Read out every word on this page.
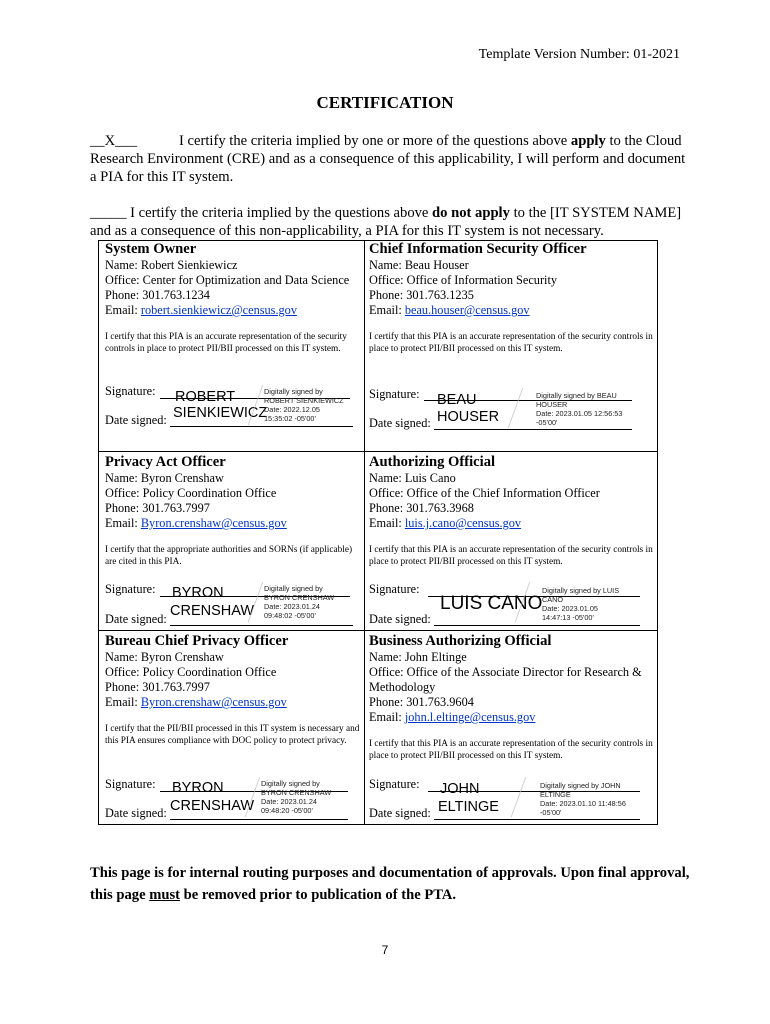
Template Version Number: 01-2021
CERTIFICATION
__X___	I certify the criteria implied by one or more of the questions above apply to the Cloud Research Environment (CRE) and as a consequence of this applicability, I will perform and document a PIA for this IT system.
_____ I certify the criteria implied by the questions above do not apply to the [IT SYSTEM NAME] and as a consequence of this non-applicability, a PIA for this IT system is not necessary.
System Owner
Name: Robert Sienkiewicz
Office: Center for Optimization and Data Science
Phone: 301.763.1234
Email: robert.sienkiewicz@census.gov
I certify that this PIA is an accurate representation of the security controls in place to protect PII/BII processed on this IT system.
Signature:
Date signed:
ROBERT
SIENKIEWICZ
Digitally signed by
ROBERT SIENKIEWICZ
Date: 2022.12.05
15:35:02 -05'00'
Chief Information Security Officer
Name: Beau Houser
Office: Office of Information Security
Phone: 301.763.1235
Email: beau.houser@census.gov
I certify that this PIA is an accurate representation of the security controls in place to protect PII/BII processed on this IT system.
Signature:
Date signed:
BEAU
HOUSER
Digitally signed by BEAU
HOUSER
Date: 2023.01.05 12:56:53
-05'00'
Privacy Act Officer
Name: Byron Crenshaw
Office: Policy Coordination Office
Phone: 301.763.7997
Email: Byron.crenshaw@census.gov
I certify that the appropriate authorities and SORNs (if applicable) are cited in this PIA.
Signature:
Date signed:
BYRON
CRENSHAW
Digitally signed by
BYRON CRENSHAW
Date: 2023.01.24
09:48:02 -05'00'
Authorizing Official
Name: Luis Cano
Office: Office of the Chief Information Officer
Phone: 301.763.3968
Email: luis.j.cano@census.gov
I certify that this PIA is an accurate representation of the security controls in place to protect PII/BII processed on this IT system.
Signature:
Date signed:
LUIS CANO
Digitally signed by LUIS
CANO
Date: 2023.01.05
14:47:13 -05'00'
Bureau Chief Privacy Officer
Name: Byron Crenshaw
Office: Policy Coordination Office
Phone: 301.763.7997
Email: Byron.crenshaw@census.gov
I certify that the PII/BII processed in this IT system is necessary and this PIA ensures compliance with DOC policy to protect privacy.
Signature:
Date signed:
BYRON
CRENSHAW
Digitally signed by
BYRON CRENSHAW
Date: 2023.01.24
09:48:20 -05'00'
Business Authorizing Official
Name: John Eltinge
Office: Office of the Associate Director for Research & Methodology
Phone: 301.763.9604
Email: john.l.eltinge@census.gov
I certify that this PIA is an accurate representation of the security controls in place to protect PII/BII processed on this IT system.
Signature:
Date signed:
JOHN
ELTINGE
Digitally signed by JOHN
ELTINGE
Date: 2023.01.10 11:48:56
-05'00'
This page is for internal routing purposes and documentation of approvals. Upon final approval, this page must be removed prior to publication of the PTA.
7
